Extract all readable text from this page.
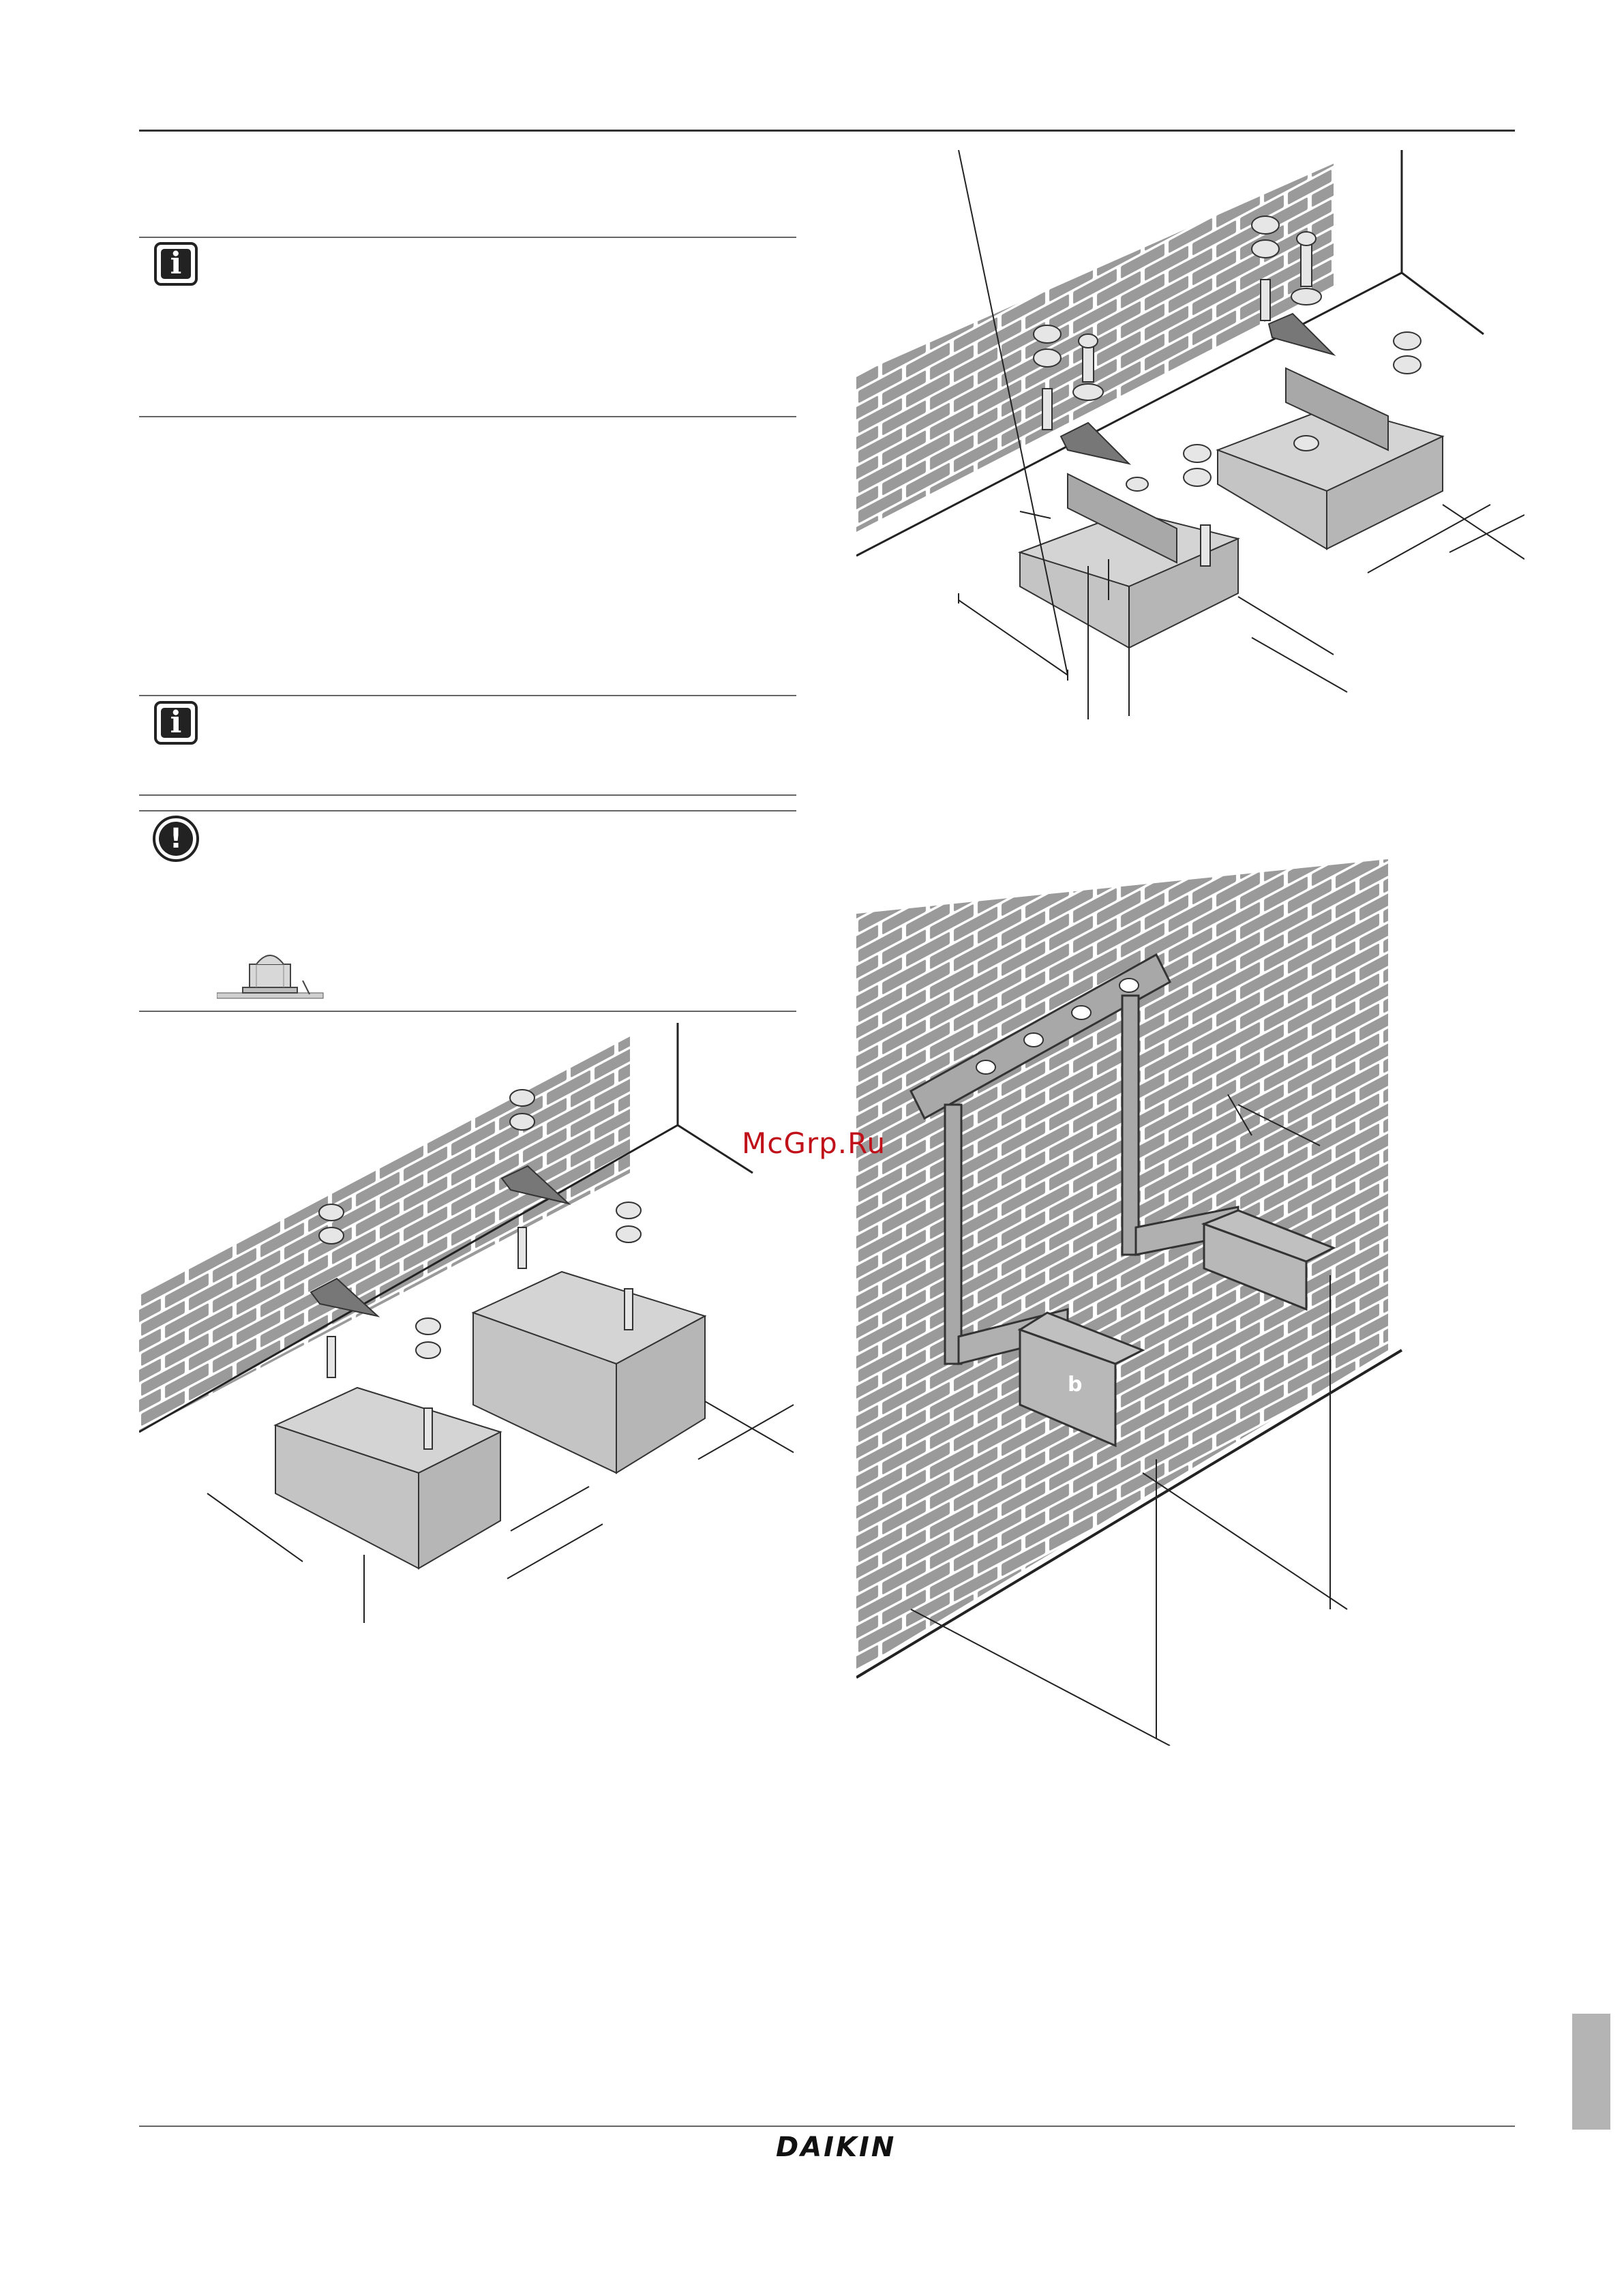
i
i
!
b
McGrp.Ru
DAIKIN
